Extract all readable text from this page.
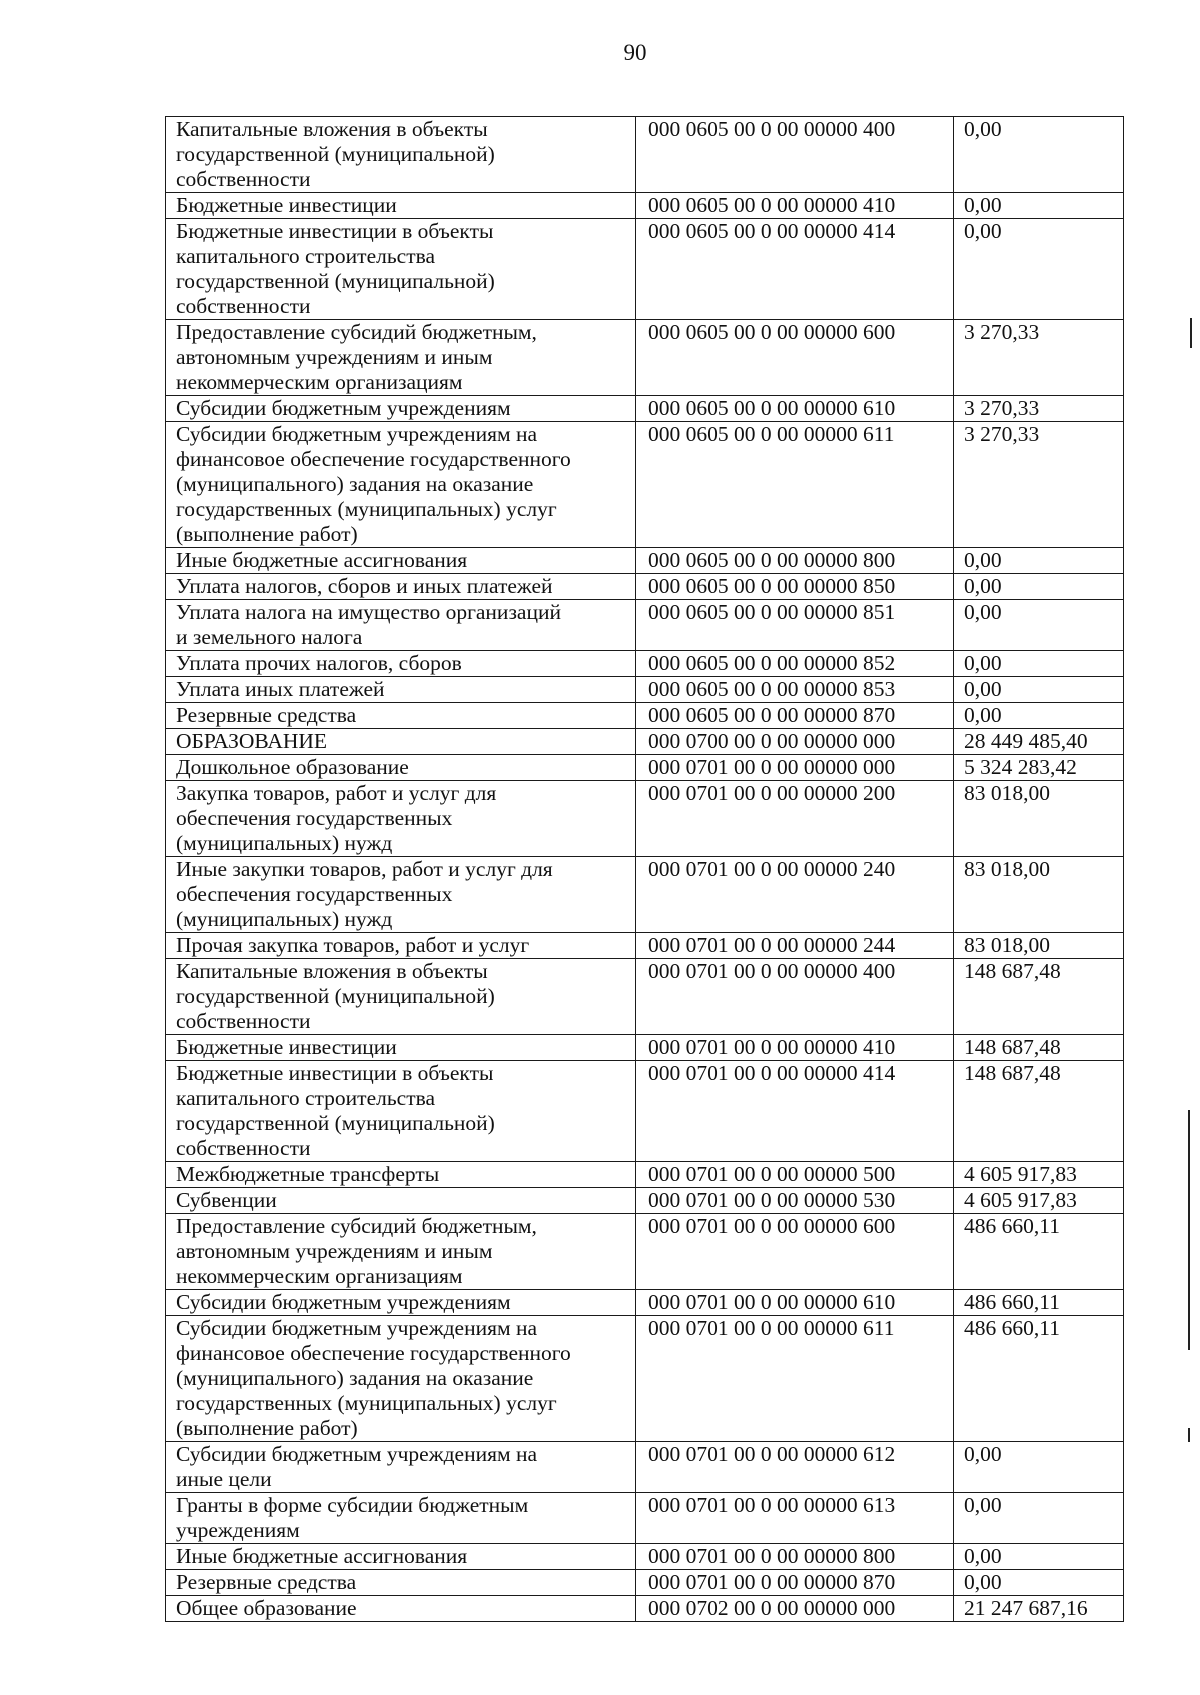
90
Капитальные вложения в объекты
государственной (муниципальной)
собственности	000 0605 00 0 00 00000 400	0,00
Бюджетные инвестиции	000 0605 00 0 00 00000 410	0,00
Бюджетные инвестиции в объекты
капитального строительства
государственной (муниципальной)
собственности	000 0605 00 0 00 00000 414	0,00
Предоставление субсидий бюджетным,
автономным учреждениям и иным
некоммерческим организациям	000 0605 00 0 00 00000 600	3 270,33
Субсидии бюджетным учреждениям	000 0605 00 0 00 00000 610	3 270,33
Субсидии бюджетным учреждениям на
финансовое обеспечение государственного
(муниципального) задания на оказание
государственных (муниципальных) услуг
(выполнение работ)	000 0605 00 0 00 00000 611	3 270,33
Иные бюджетные ассигнования	000 0605 00 0 00 00000 800	0,00
Уплата налогов, сборов и иных платежей	000 0605 00 0 00 00000 850	0,00
Уплата налога на имущество организаций
и земельного налога	000 0605 00 0 00 00000 851	0,00
Уплата прочих налогов, сборов	000 0605 00 0 00 00000 852	0,00
Уплата иных платежей	000 0605 00 0 00 00000 853	0,00
Резервные средства	000 0605 00 0 00 00000 870	0,00
ОБРАЗОВАНИЕ	000 0700 00 0 00 00000 000	28 449 485,40
Дошкольное образование	000 0701 00 0 00 00000 000	5 324 283,42
Закупка товаров, работ и услуг для
обеспечения государственных
(муниципальных) нужд	000 0701 00 0 00 00000 200	83 018,00
Иные закупки товаров, работ и услуг для
обеспечения государственных
(муниципальных) нужд	000 0701 00 0 00 00000 240	83 018,00
Прочая закупка товаров, работ и услуг	000 0701 00 0 00 00000 244	83 018,00
Капитальные вложения в объекты
государственной (муниципальной)
собственности	000 0701 00 0 00 00000 400	148 687,48
Бюджетные инвестиции	000 0701 00 0 00 00000 410	148 687,48
Бюджетные инвестиции в объекты
капитального строительства
государственной (муниципальной)
собственности	000 0701 00 0 00 00000 414	148 687,48
Межбюджетные трансферты	000 0701 00 0 00 00000 500	4 605 917,83
Субвенции	000 0701 00 0 00 00000 530	4 605 917,83
Предоставление субсидий бюджетным,
автономным учреждениям и иным
некоммерческим организациям	000 0701 00 0 00 00000 600	486 660,11
Субсидии бюджетным учреждениям	000 0701 00 0 00 00000 610	486 660,11
Субсидии бюджетным учреждениям на
финансовое обеспечение государственного
(муниципального) задания на оказание
государственных (муниципальных) услуг
(выполнение работ)	000 0701 00 0 00 00000 611	486 660,11
Субсидии бюджетным учреждениям на
иные цели	000 0701 00 0 00 00000 612	0,00
Гранты в форме субсидии бюджетным
учреждениям	000 0701 00 0 00 00000 613	0,00
Иные бюджетные ассигнования	000 0701 00 0 00 00000 800	0,00
Резервные средства	000 0701 00 0 00 00000 870	0,00
Общее образование	000 0702 00 0 00 00000 000	21 247 687,16
